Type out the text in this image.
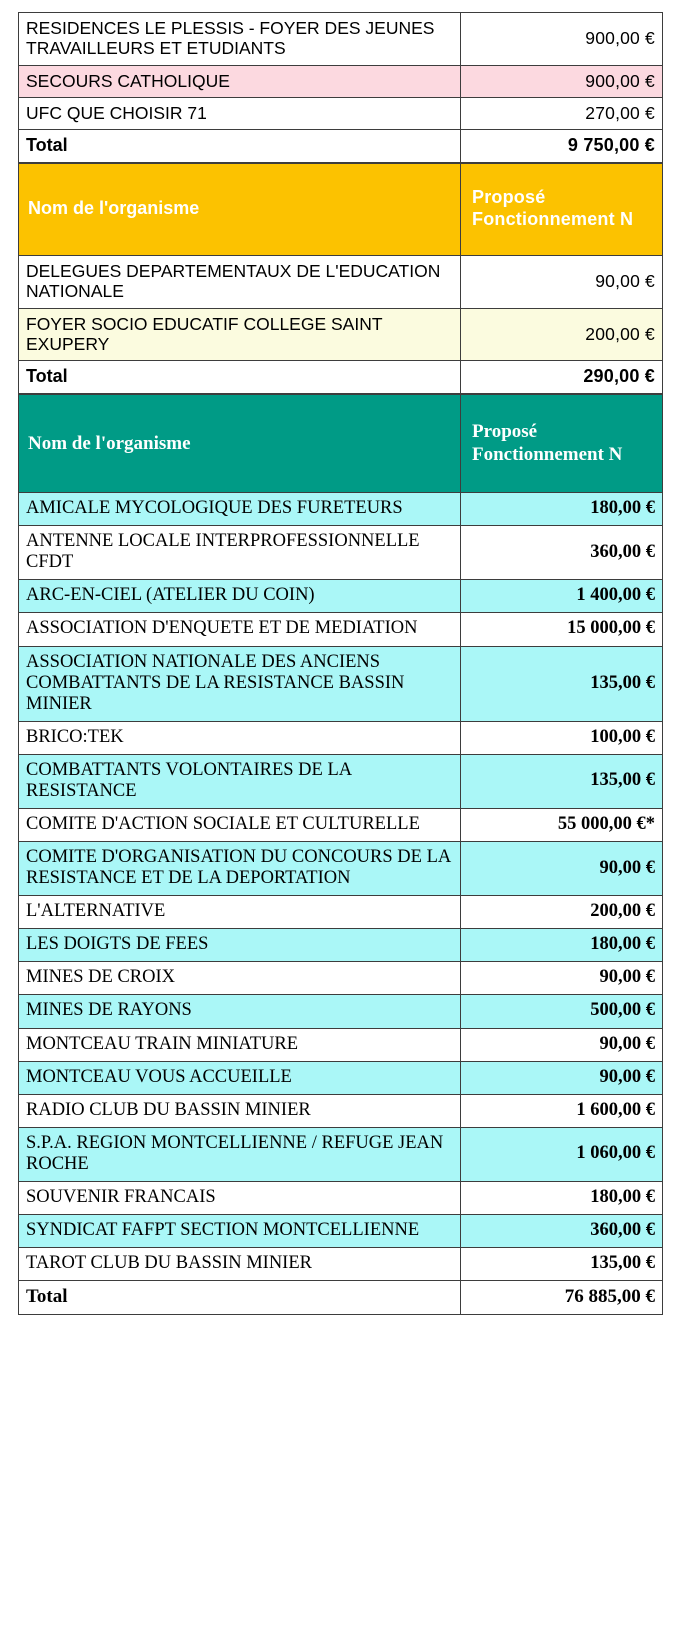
RESIDENCES LE PLESSIS - FOYER DES JEUNES TRAVAILLEURS ET ETUDIANTS	900,00 €
SECOURS CATHOLIQUE	900,00 €
UFC QUE CHOISIR 71	270,00 €
Total	9 750,00 €
Nom de l'organisme	Proposé Fonctionnement N
DELEGUES DEPARTEMENTAUX DE L'EDUCATION NATIONALE	90,00 €
FOYER SOCIO EDUCATIF COLLEGE SAINT EXUPERY	200,00 €
Total	290,00 €
Nom de l'organisme	Proposé Fonctionnement N
AMICALE MYCOLOGIQUE DES FURETEURS	180,00 €
ANTENNE LOCALE INTERPROFESSIONNELLE CFDT	360,00 €
ARC-EN-CIEL (ATELIER DU COIN)	1 400,00 €
ASSOCIATION D'ENQUETE ET DE MEDIATION	15 000,00 €
ASSOCIATION NATIONALE DES ANCIENS COMBATTANTS DE LA RESISTANCE BASSIN MINIER	135,00 €
BRICO:TEK	100,00 €
COMBATTANTS VOLONTAIRES DE LA RESISTANCE	135,00 €
COMITE D'ACTION SOCIALE ET CULTURELLE	55 000,00 €*
COMITE D'ORGANISATION DU CONCOURS DE LA RESISTANCE ET DE LA DEPORTATION	90,00 €
L'ALTERNATIVE	200,00 €
LES DOIGTS DE FEES	180,00 €
MINES DE CROIX	90,00 €
MINES DE RAYONS	500,00 €
MONTCEAU TRAIN MINIATURE	90,00 €
MONTCEAU VOUS ACCUEILLE	90,00 €
RADIO CLUB DU BASSIN MINIER	1 600,00 €
S.P.A. REGION MONTCELLIENNE / REFUGE JEAN ROCHE	1 060,00 €
SOUVENIR FRANCAIS	180,00 €
SYNDICAT FAFPT SECTION MONTCELLIENNE	360,00 €
TAROT CLUB DU BASSIN MINIER	135,00 €
Total	76 885,00 €
